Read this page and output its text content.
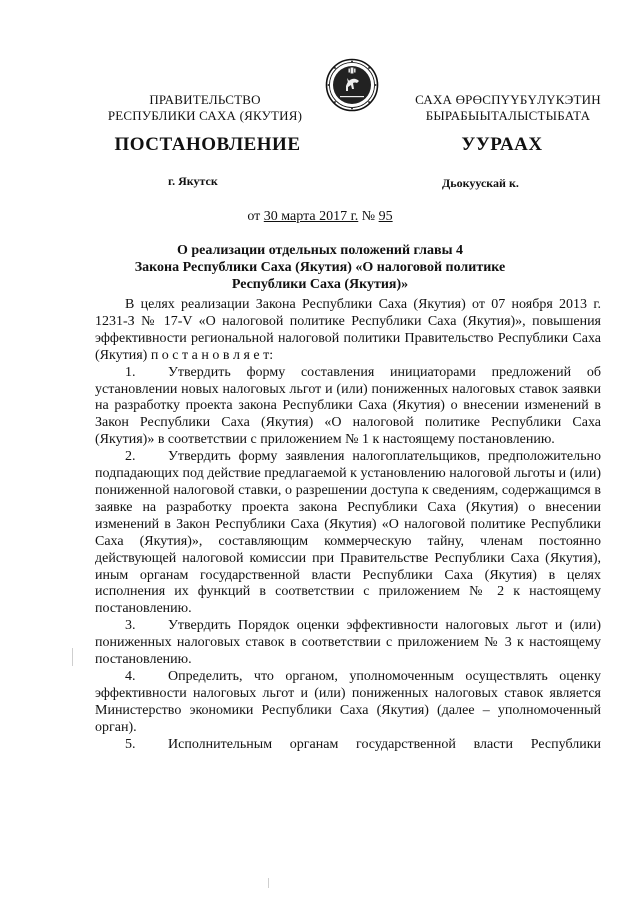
ПРАВИТЕЛЬСТВО
РЕСПУБЛИКИ САХА (ЯКУТИЯ)
САХА ӨРӨСПҮҮБҮЛҮКЭТИН
БЫРАБЫЫТАЛЫСТЫБАТА
ПОСТАНОВЛЕНИЕ	УУРААХ
г. Якутск	Дьокуускай к.
от 30 марта 2017 г. № 95
О реализации отдельных положений главы 4
Закона Республики Саха (Якутия) «О налоговой политике
Республики Саха (Якутия)»

В целях реализации Закона Республики Саха (Якутия) от 07 ноября 2013 г. 1231-З № 17-V «О налоговой политике Республики Саха (Якутия)», повышения эффективности региональной налоговой политики Правительство Республики Саха (Якутия) п о с т а н о в л я е т:

1. Утвердить форму составления инициаторами предложений об установлении новых налоговых льгот и (или) пониженных налоговых ставок заявки на разработку проекта закона Республики Саха (Якутия) о внесении изменений в Закон Республики Саха (Якутия) «О налоговой политике Республики Саха (Якутия)» в соответствии с приложением № 1 к настоящему постановлению.

2. Утвердить форму заявления налогоплательщиков, предположительно подпадающих под действие предлагаемой к установлению налоговой льготы и (или) пониженной налоговой ставки, о разрешении доступа к сведениям, содержащимся в заявке на разработку проекта закона Республики Саха (Якутия) о внесении изменений в Закон Республики Саха (Якутия) «О налоговой политике Республики Саха (Якутия)», составляющим коммерческую тайну, членам постоянно действующей налоговой комиссии при Правительстве Республики Саха (Якутия), иным органам государственной власти Республики Саха (Якутия) в целях исполнения их функций в соответствии с приложением № 2 к настоящему постановлению.

3. Утвердить Порядок оценки эффективности налоговых льгот и (или) пониженных налоговых ставок в соответствии с приложением № 3 к настоящему постановлению.

4. Определить, что органом, уполномоченным осуществлять оценку эффективности налоговых льгот и (или) пониженных налоговых ставок является Министерство экономики Республики Саха (Якутия) (далее – уполномоченный орган).

5. Исполнительным органам государственной власти Республики
